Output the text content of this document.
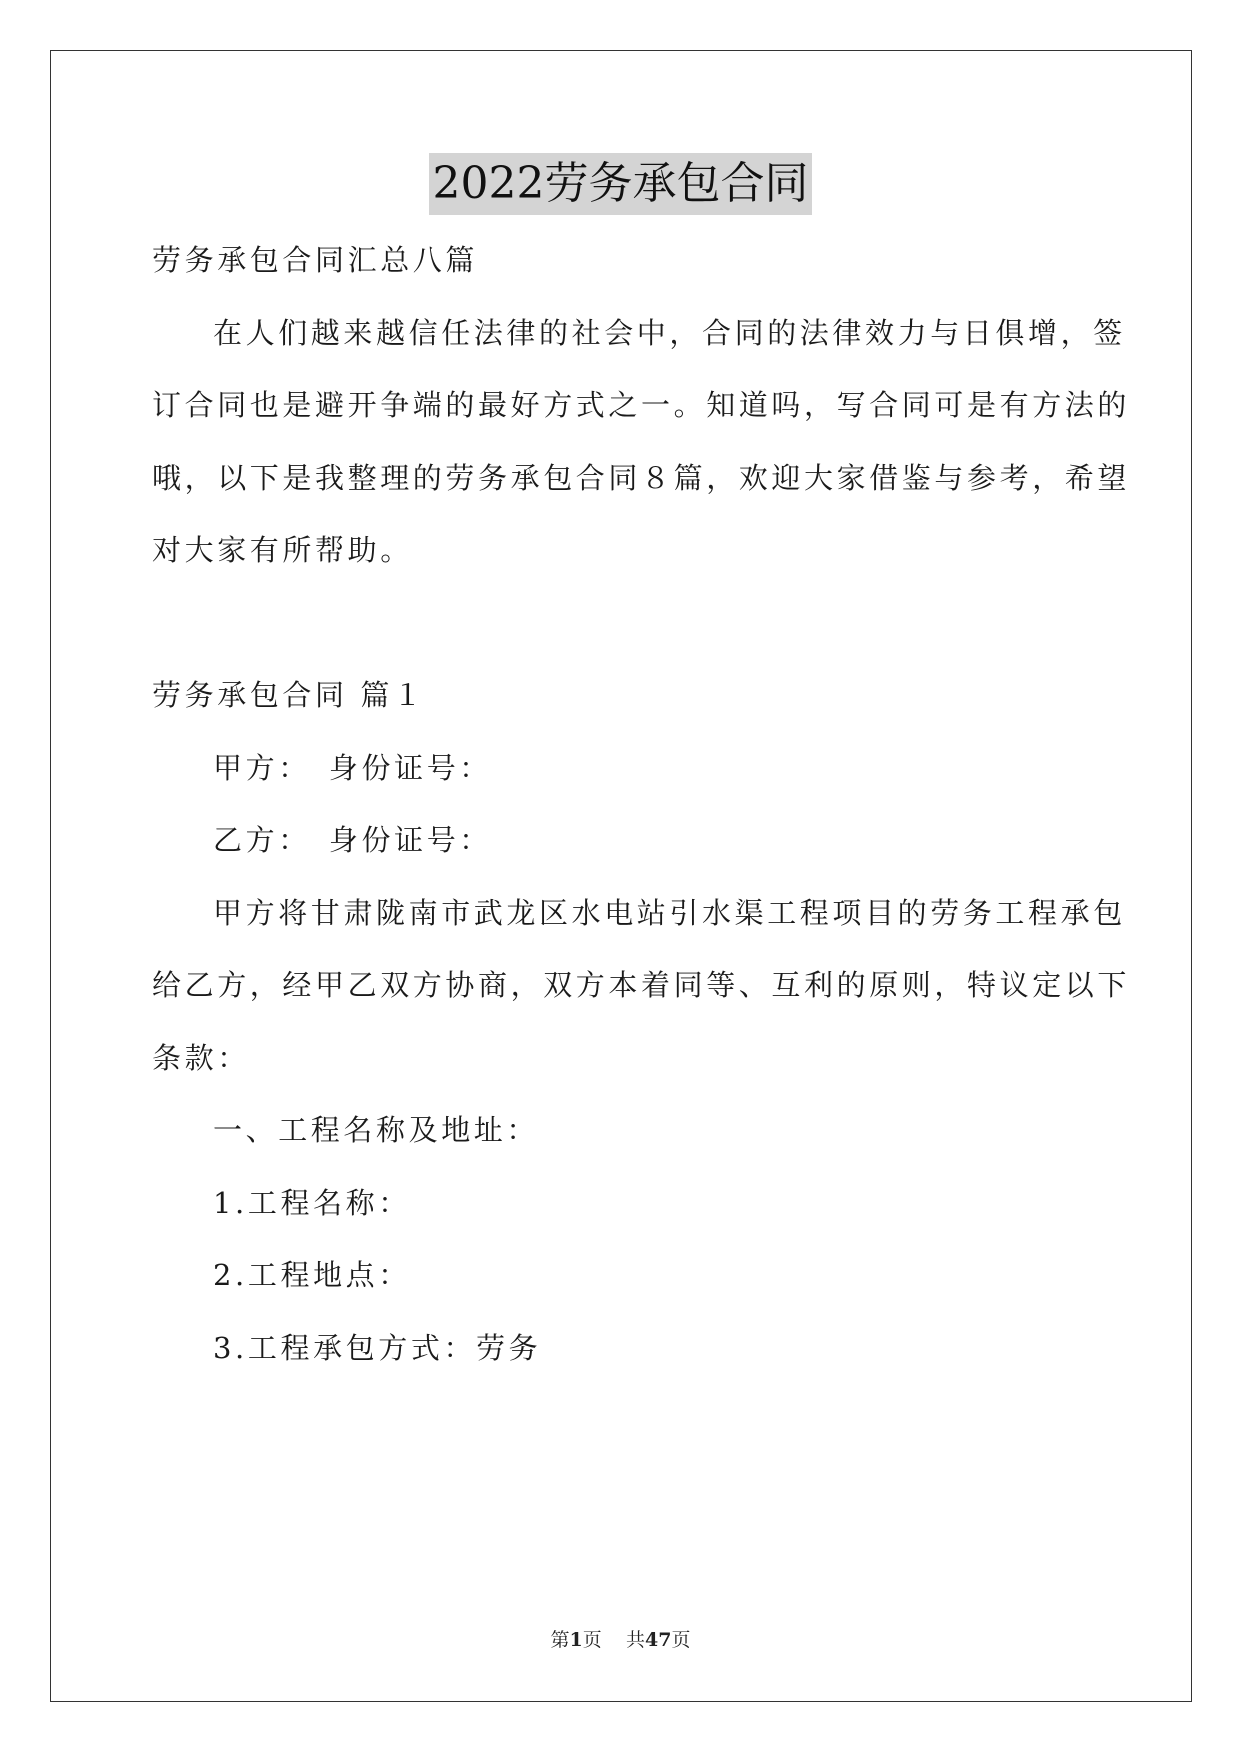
2022劳务承包合同
劳务承包合同汇总八篇
在人们越来越信任法律的社会中，合同的法律效力与日俱增，签
订合同也是避开争端的最好方式之一。知道吗，写合同可是有方法的
哦，以下是我整理的劳务承包合同８篇，欢迎大家借鉴与参考，希望
对大家有所帮助。
劳务承包合同 篇１
甲方：　身份证号：
乙方：　身份证号：
甲方将甘肃陇南市武龙区水电站引水渠工程项目的劳务工程承包
给乙方，经甲乙双方协商，双方本着同等、互利的原则，特议定以下
条款：
一、工程名称及地址：
1.工程名称：
2.工程地点：
3.工程承包方式：劳务
第1页 共47页
